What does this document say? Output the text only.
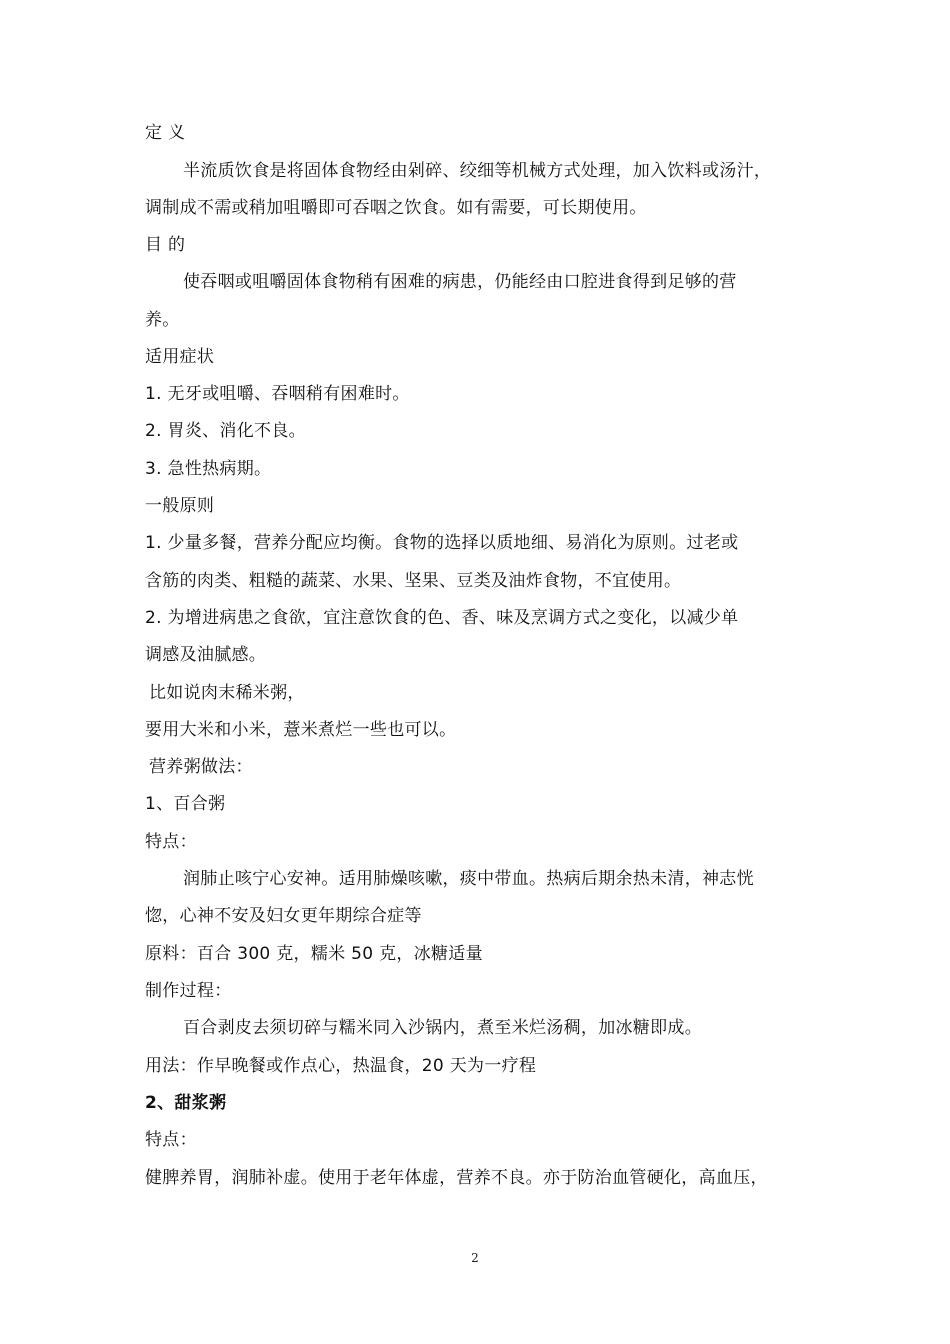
定 义
半流质饮食是将固体食物经由剁碎、绞细等机械方式处理，加入饮料或汤汁，
调制成不需或稍加咀嚼即可吞咽之饮食。如有需要，可长期使用。
目 的
使吞咽或咀嚼固体食物稍有困难的病患，仍能经由口腔进食得到足够的营
养。
适用症状
1. 无牙或咀嚼、吞咽稍有困难时。
2. 胃炎、消化不良。
3. 急性热病期。
一般原则
1. 少量多餐，营养分配应均衡。食物的选择以质地细、易消化为原则。过老或
含筋的肉类、粗糙的蔬菜、水果、坚果、豆类及油炸食物，不宜使用。
2. 为增进病患之食欲，宜注意饮食的色、香、味及烹调方式之变化，以减少单
调感及油腻感。
比如说肉末稀米粥，
要用大米和小米，薏米煮烂一些也可以。
营养粥做法：
1、百合粥
特点：
润肺止咳宁心安神。适用肺燥咳嗽，痰中带血。热病后期余热未清，神志恍
惚，心神不安及妇女更年期综合症等
原料：百合 300 克，糯米 50 克，冰糖适量
制作过程：
百合剥皮去须切碎与糯米同入沙锅内，煮至米烂汤稠，加冰糖即成。
用法：作早晚餐或作点心，热温食，20 天为一疗程
2、甜浆粥
特点：
健脾养胃，润肺补虚。使用于老年体虚，营养不良。亦于防治血管硬化，高血压，
2
